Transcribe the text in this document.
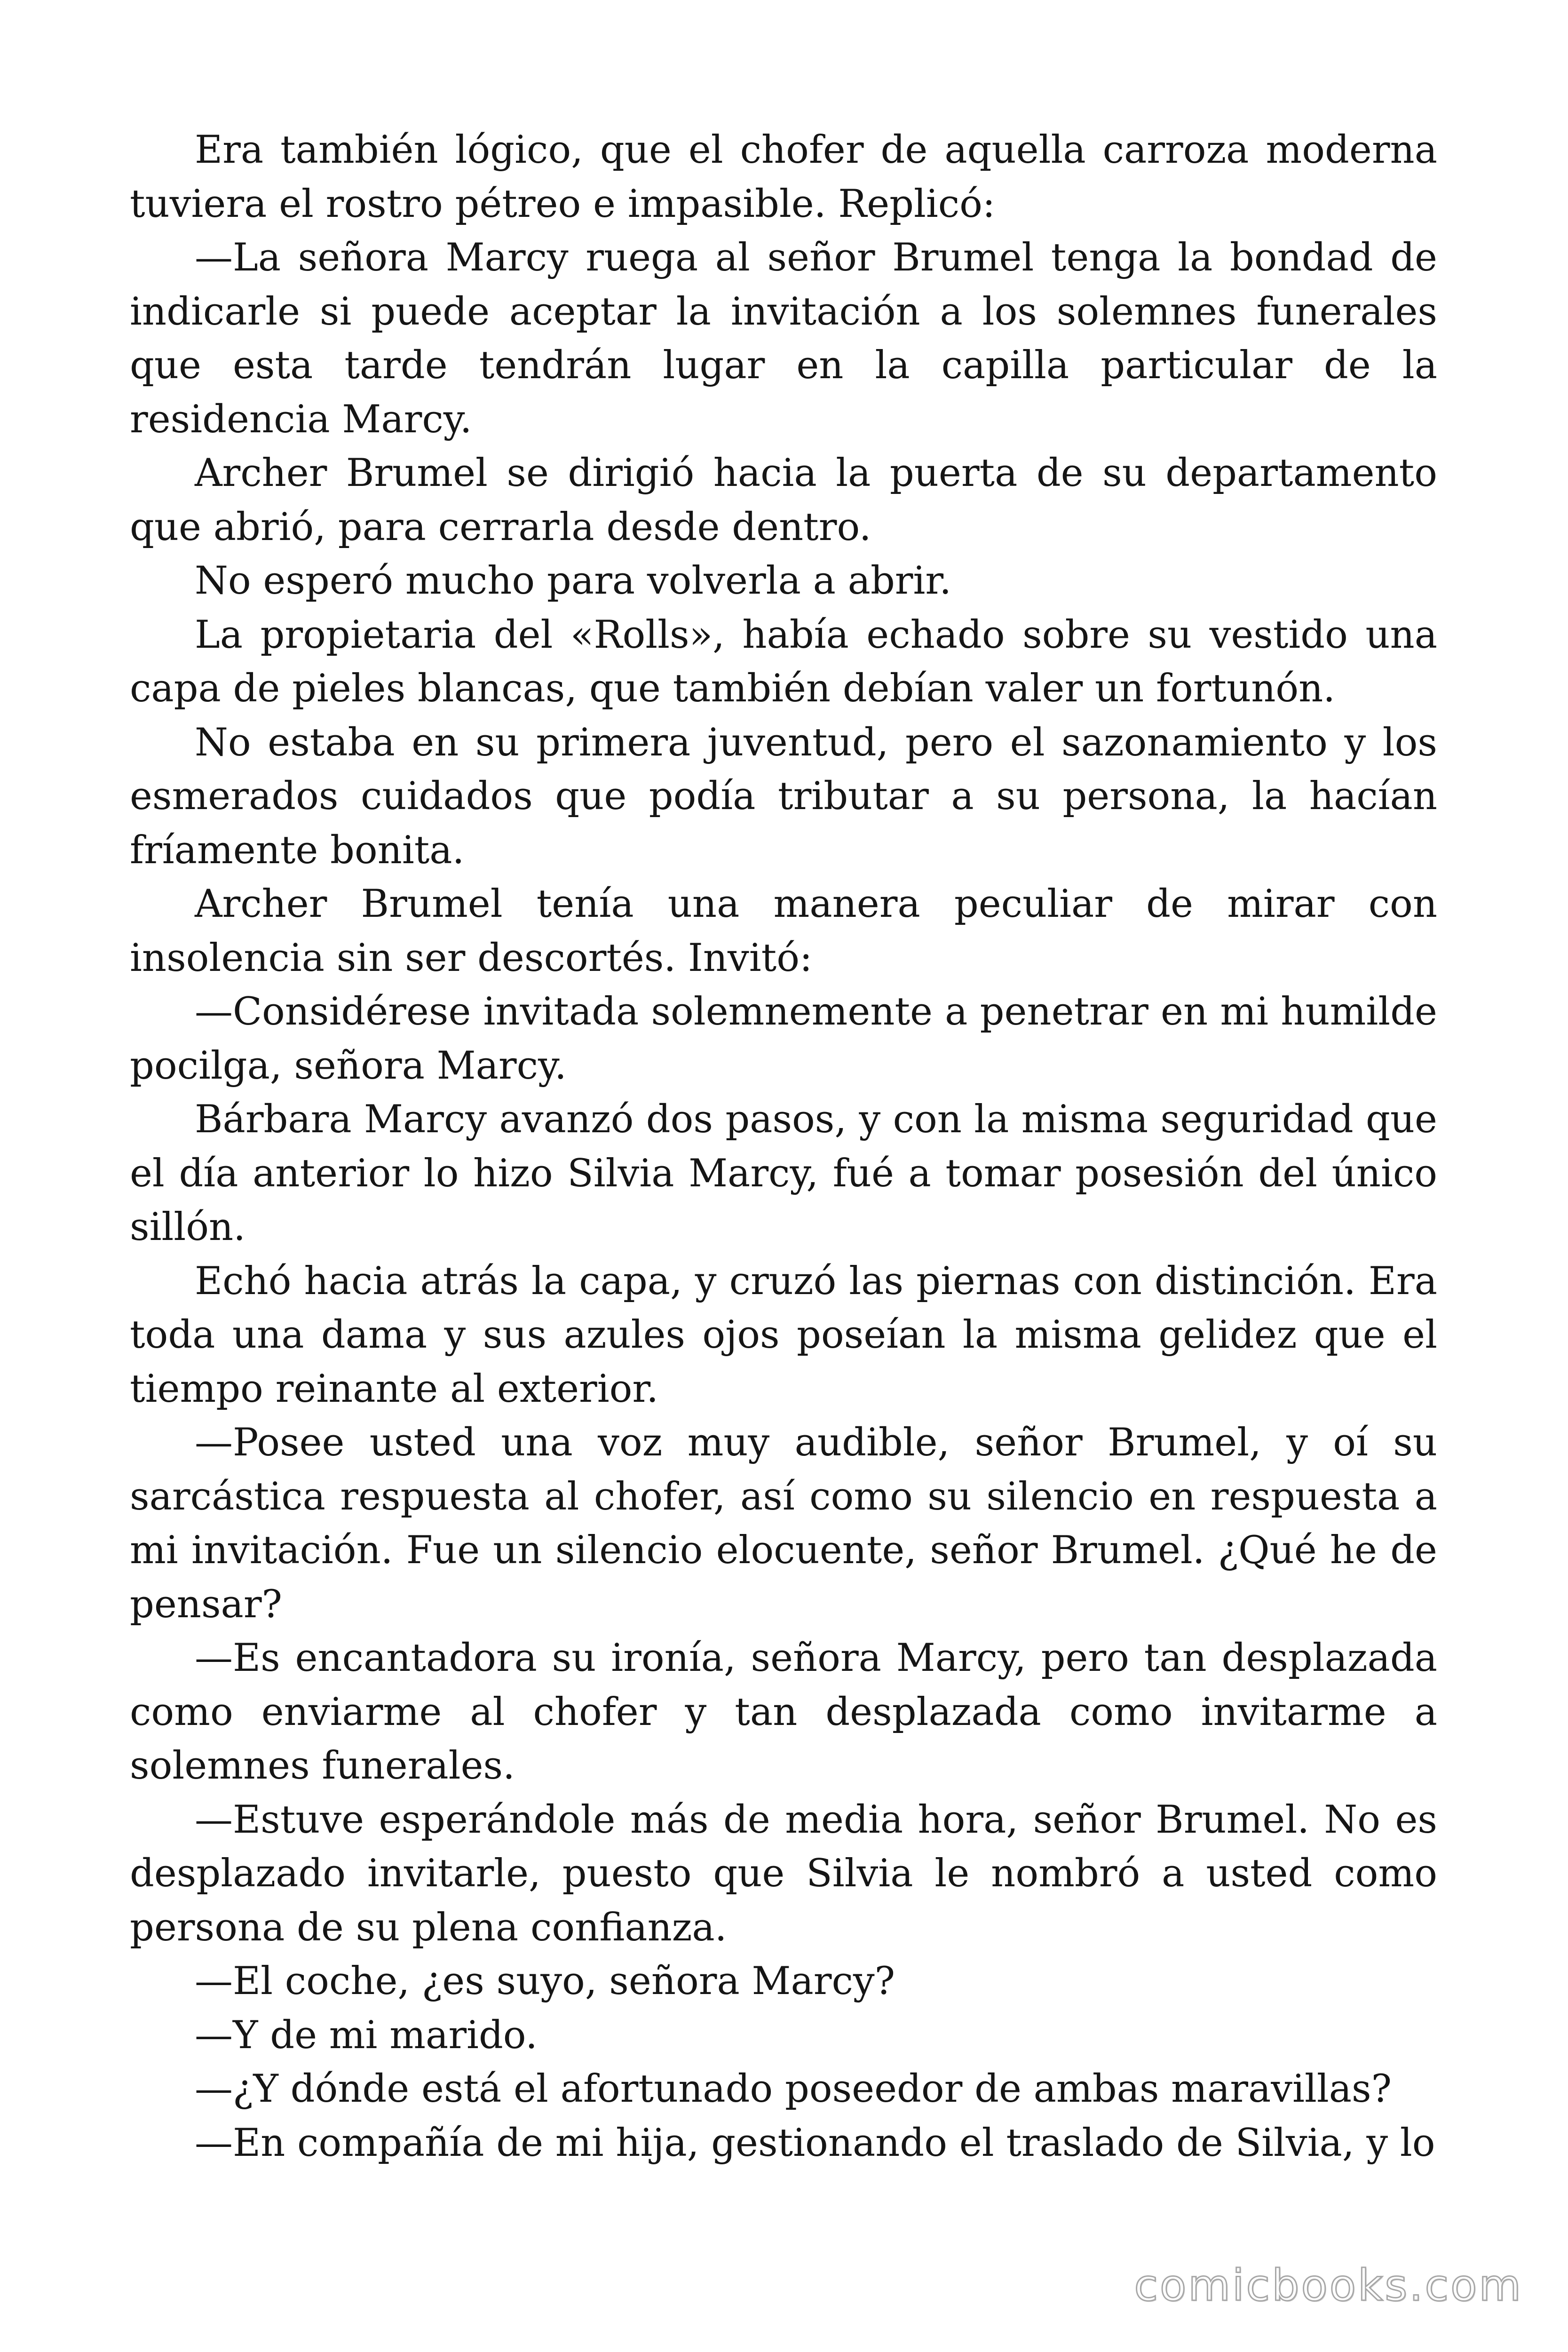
Era también lógico, que el chofer de aquella carroza moderna tuviera el rostro pétreo e impasible. Replicó:

—La señora Marcy ruega al señor Brumel tenga la bondad de indicarle si puede aceptar la invitación a los solemnes funerales que esta tarde tendrán lugar en la capilla particular de la residencia Marcy.

Archer Brumel se dirigió hacia la puerta de su departamento que abrió, para cerrarla desde dentro.

No esperó mucho para volverla a abrir.

La propietaria del «Rolls», había echado sobre su vestido una capa de pieles blancas, que también debían valer un fortunón.

No estaba en su primera juventud, pero el sazonamiento y los esmerados cuidados que podía tributar a su persona, la hacían fríamente bonita.

Archer Brumel tenía una manera peculiar de mirar con insolencia sin ser descortés. Invitó:

—Considérese invitada solemnemente a penetrar en mi humilde pocilga, señora Marcy.

Bárbara Marcy avanzó dos pasos, y con la misma seguridad que el día anterior lo hizo Silvia Marcy, fué a tomar posesión del único sillón.

Echó hacia atrás la capa, y cruzó las piernas con distinción. Era toda una dama y sus azules ojos poseían la misma gelidez que el tiempo reinante al exterior.

—Posee usted una voz muy audible, señor Brumel, y oí su sarcástica respuesta al chofer, así como su silencio en respuesta a mi invitación. Fue un silencio elocuente, señor Brumel. ¿Qué he de pensar?

—Es encantadora su ironía, señora Marcy, pero tan desplazada como enviarme al chofer y tan desplazada como invitarme a solemnes funerales.

—Estuve esperándole más de media hora, señor Brumel. No es desplazado invitarle, puesto que Silvia le nombró a usted como persona de su plena confianza.

—El coche, ¿es suyo, señora Marcy?

—Y de mi marido.

—¿Y dónde está el afortunado poseedor de ambas maravillas?

—En compañía de mi hija, gestionando el traslado de Silvia, y lo

comicbooks.com
